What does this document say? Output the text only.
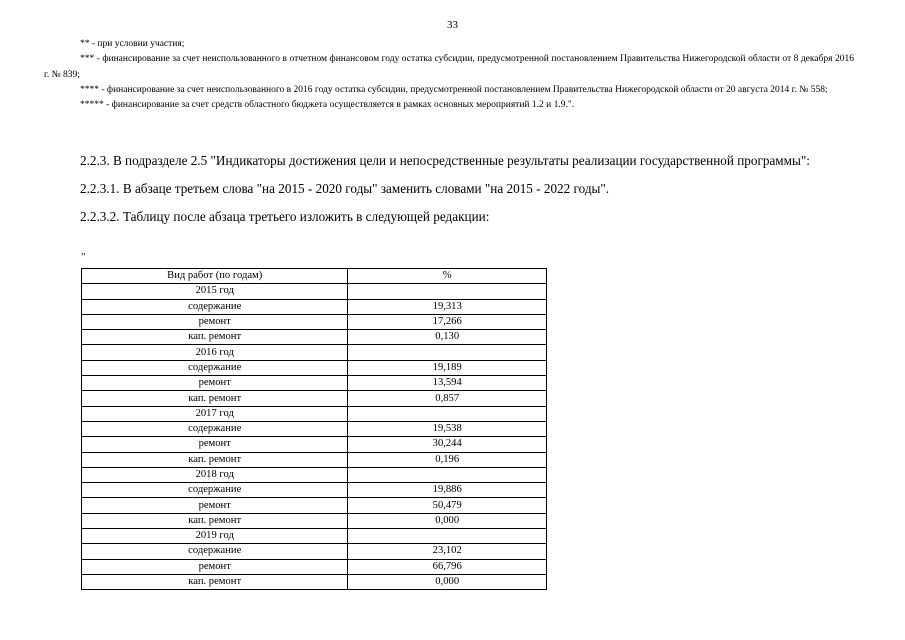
33

** - при условии участия;

*** - финансирование за счет неиспользованного в отчетном финансовом году остатка субсидии, предусмотренной постановлением Правительства Нижегородской области от 8 декабря 2016 г. № 839;

**** - финансирование за счет неиспользованного в 2016 году остатка субсидии, предусмотренной постановлением Правительства Нижегородской области от 20 августа 2014 г. № 558;

***** - финансирование за счет средств областного бюджета осуществляется в рамках основных мероприятий 1.2 и 1.9.".

2.2.3. В подразделе 2.5 "Индикаторы достижения цели и непосредственные результаты реализации государственной программы":

2.2.3.1. В абзаце третьем слова "на 2015 - 2020 годы" заменить словами "на 2015 - 2022 годы".

2.2.3.2. Таблицу после абзаца третьего изложить в следующей редакции:

"
Вид работ (по годам)	%
2015 год	
содержание	19,313
ремонт	17,266
кап. ремонт	0,130
2016 год	
содержание	19,189
ремонт	13,594
кап. ремонт	0,857
2017 год	
содержание	19,538
ремонт	30,244
кап. ремонт	0,196
2018 год	
содержание	19,886
ремонт	50,479
кап. ремонт	0,000
2019 год	
содержание	23,102
ремонт	66,796
кап. ремонт	0,000
